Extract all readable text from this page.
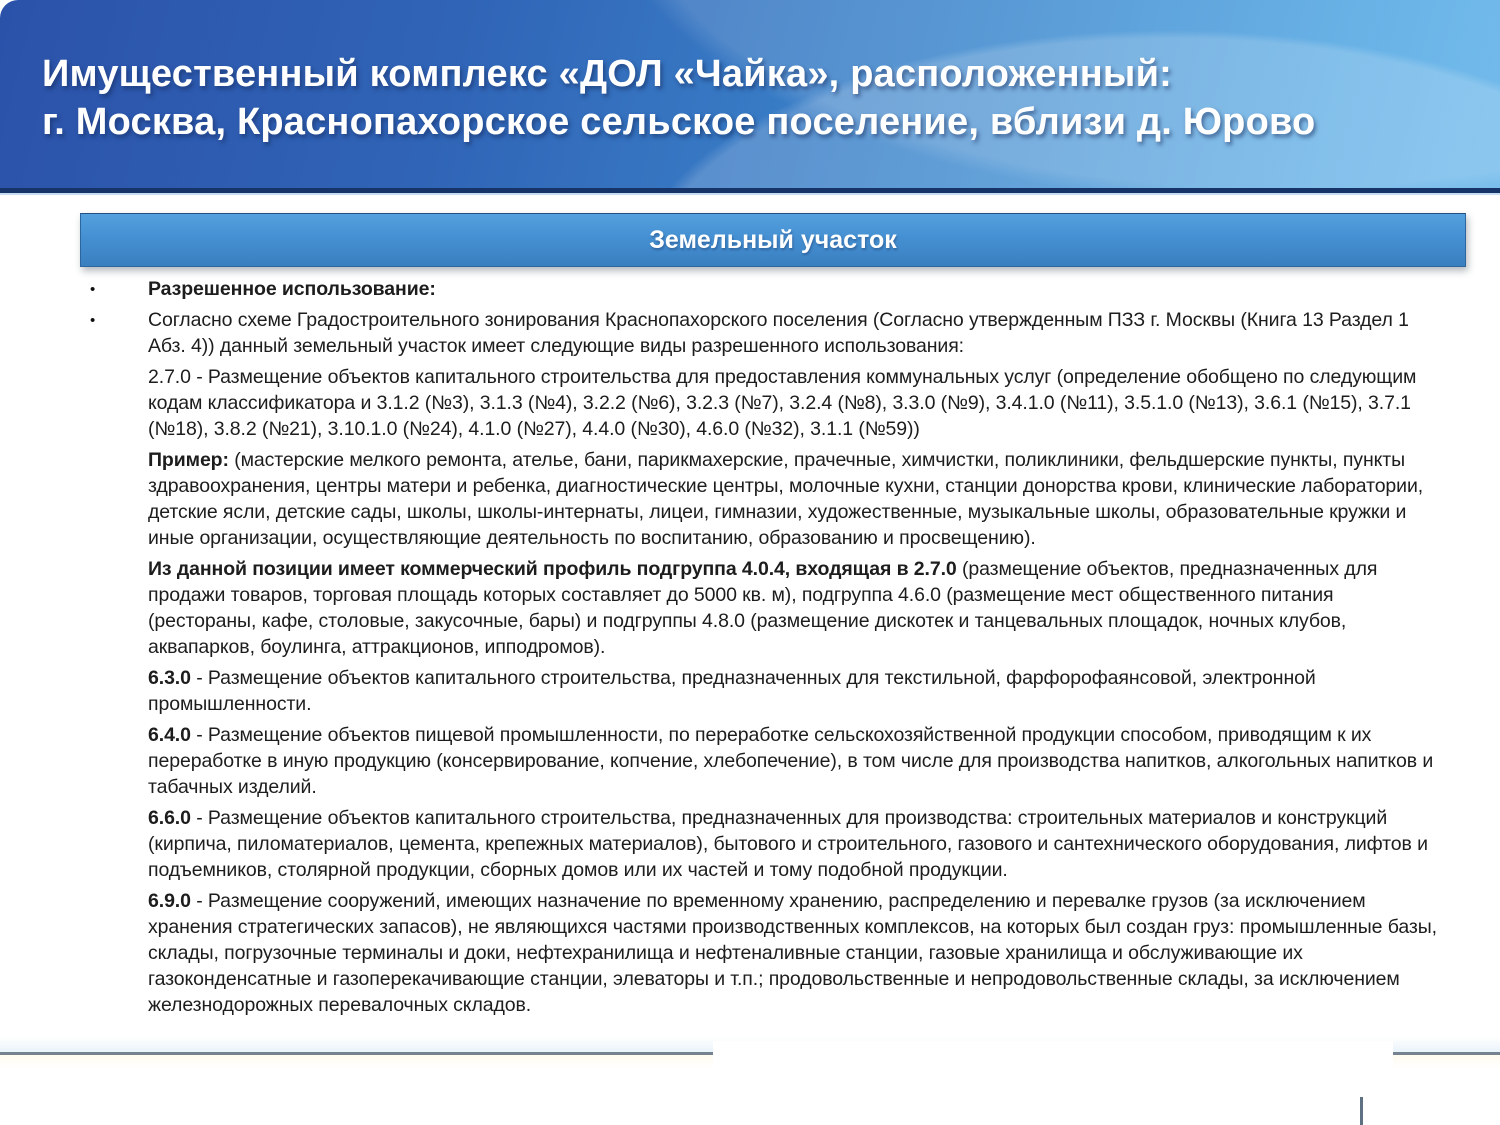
Имущественный комплекс «ДОЛ «Чайка», расположенный:
г. Москва, Краснопахорское сельское поселение, вблизи д. Юрово
Земельный участок
•	Разрешенное использование:

•	Согласно схеме Градостроительного зонирования Краснопахорского поселения (Согласно утвержденным ПЗЗ г. Москвы (Книга 13 Раздел 1 Абз. 4)) данный земельный участок имеет следующие виды разрешенного использования:

2.7.0 - Размещение объектов капитального строительства для предоставления коммунальных услуг (определение обобщено по следующим кодам классификатора и 3.1.2 (№3), 3.1.3 (№4), 3.2.2 (№6), 3.2.3 (№7), 3.2.4 (№8), 3.3.0 (№9), 3.4.1.0 (№11), 3.5.1.0 (№13), 3.6.1 (№15), 3.7.1 (№18), 3.8.2 (№21), 3.10.1.0 (№24), 4.1.0 (№27), 4.4.0 (№30), 4.6.0 (№32), 3.1.1 (№59))

Пример: (мастерские мелкого ремонта, ателье, бани, парикмахерские, прачечные, химчистки, поликлиники, фельдшерские пункты, пункты здравоохранения, центры матери и ребенка, диагностические центры, молочные кухни, станции донорства крови, клинические лаборатории, детские ясли, детские сады, школы, школы-интернаты, лицеи, гимназии, художественные, музыкальные школы, образовательные кружки и иные организации, осуществляющие деятельность по воспитанию, образованию и просвещению).

Из данной позиции имеет коммерческий профиль подгруппа 4.0.4, входящая в 2.7.0 (размещение объектов, предназначенных для продажи товаров, торговая площадь которых составляет до 5000 кв. м), подгруппа 4.6.0 (размещение мест общественного питания (рестораны, кафе, столовые, закусочные, бары) и подгруппы 4.8.0 (размещение дискотек и танцевальных площадок, ночных клубов, аквапарков, боулинга, аттракционов, ипподромов).

6.3.0 - Размещение объектов капитального строительства, предназначенных для текстильной, фарфорофаянсовой, электронной промышленности.

6.4.0 - Размещение объектов пищевой промышленности, по переработке сельскохозяйственной продукции способом, приводящим к их переработке в иную продукцию (консервирование, копчение, хлебопечение), в том числе для производства напитков, алкогольных напитков и табачных изделий.

6.6.0 - Размещение объектов капитального строительства, предназначенных для производства: строительных материалов и конструкций (кирпича, пиломатериалов, цемента, крепежных материалов), бытового и строительного, газового и сантехнического оборудования, лифтов и подъемников, столярной продукции, сборных домов или их частей и тому подобной продукции.

6.9.0 - Размещение сооружений, имеющих назначение по временному хранению, распределению и перевалке грузов (за исключением хранения стратегических запасов), не являющихся частями производственных комплексов, на которых был создан груз: промышленные базы, склады, погрузочные терминалы и доки, нефтехранилища и нефтеналивные станции, газовые хранилища и обслуживающие их газоконденсатные и газоперекачивающие станции, элеваторы и т.п.; продовольственные и непродовольственные склады, за исключением железнодорожных перевалочных складов.
